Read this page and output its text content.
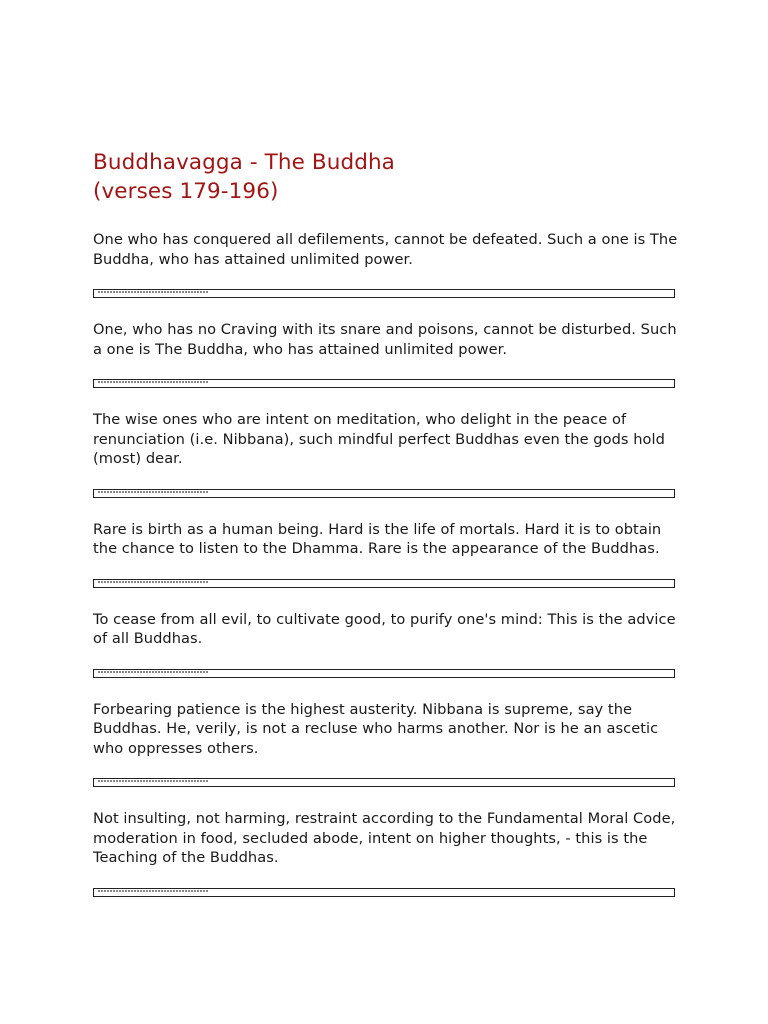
Buddhavagga - The Buddha
(verses 179-196)

One who has conquered all defilements, cannot be defeated. Such a one is The Buddha, who has attained unlimited power.

One, who has no Craving with its snare and poisons, cannot be disturbed. Such a one is The Buddha, who has attained unlimited power.

The wise ones who are intent on meditation, who delight in the peace of renunciation (i.e. Nibbana), such mindful perfect Buddhas even the gods hold (most) dear.

Rare is birth as a human being. Hard is the life of mortals. Hard it is to obtain the chance to listen to the Dhamma. Rare is the appearance of the Buddhas.

To cease from all evil, to cultivate good, to purify one's mind: This is the advice of all Buddhas.

Forbearing patience is the highest austerity. Nibbana is supreme, say the Buddhas. He, verily, is not a recluse who harms another. Nor is he an ascetic who oppresses others.

Not insulting, not harming, restraint according to the Fundamental Moral Code, moderation in food, secluded abode, intent on higher thoughts, - this is the Teaching of the Buddhas.
